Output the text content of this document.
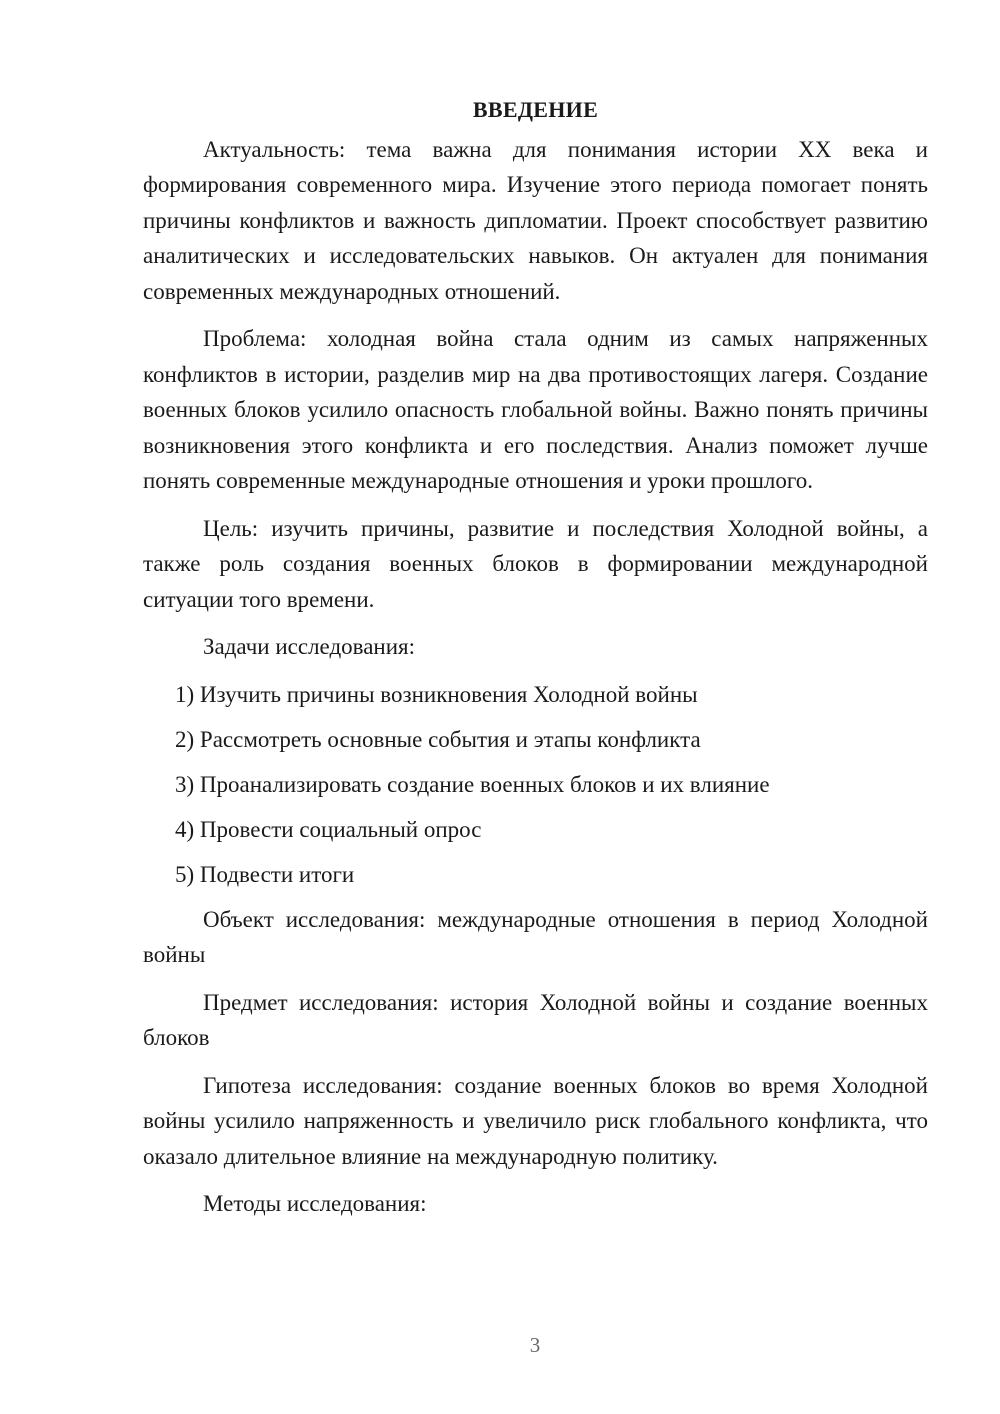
ВВЕДЕНИЕ

Актуальность: тема важна для понимания истории XX века и формирования современного мира. Изучение этого периода помогает понять причины конфликтов и важность дипломатии. Проект способствует развитию аналитических и исследовательских навыков. Он актуален для понимания современных международных отношений.

Проблема: холодная война стала одним из самых напряженных конфликтов в истории, разделив мир на два противостоящих лагеря. Создание военных блоков усилило опасность глобальной войны. Важно понять причины возникновения этого конфликта и его последствия. Анализ поможет лучше понять современные международные отношения и уроки прошлого.

Цель: изучить причины, развитие и последствия Холодной войны, а также роль создания военных блоков в формировании международной ситуации того времени.

Задачи исследования:

1) Изучить причины возникновения Холодной войны
2) Рассмотреть основные события и этапы конфликта
3) Проанализировать создание военных блоков и их влияние
4) Провести социальный опрос
5) Подвести итоги

Объект исследования: международные отношения в период Холодной войны

Предмет исследования: история Холодной войны и создание военных блоков

Гипотеза исследования: создание военных блоков во время Холодной войны усилило напряженность и увеличило риск глобального конфликта, что оказало длительное влияние на международную политику.

Методы исследования:

3
